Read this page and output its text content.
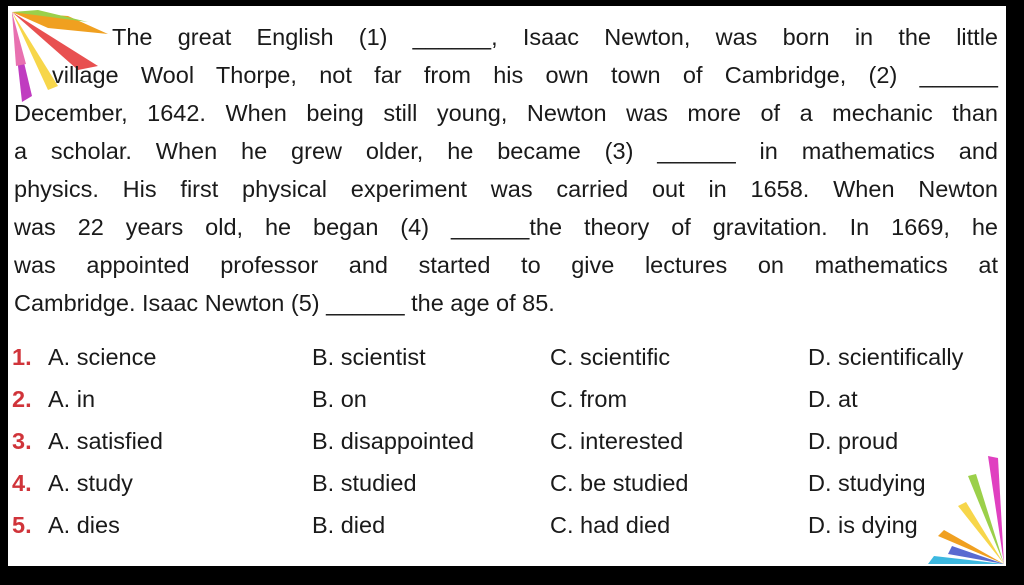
The great English (1) ______, Isaac Newton, was born in the little
village Wool Thorpe, not far from his own town of Cambridge, (2) ______
December, 1642. When being still young, Newton was more of a mechanic than
a scholar. When he grew older, he became (3) ______ in mathematics and
physics. His first physical experiment was carried out in 1658. When Newton
was 22 years old, he began (4) ______the theory of gravitation. In 1669, he
was appointed professor and started to give lectures on mathematics at
Cambridge. Isaac Newton (5) ______ the age of 85.
1. A. science	B. scientist	C. scientific	D. scientifically
2. A. in	B. on	C. from	D. at
3. A. satisfied	B. disappointed	C. interested	D. proud
4. A. study	B. studied	C. be studied	D. studying
5. A. dies	B. died	C. had died	D. is dying
